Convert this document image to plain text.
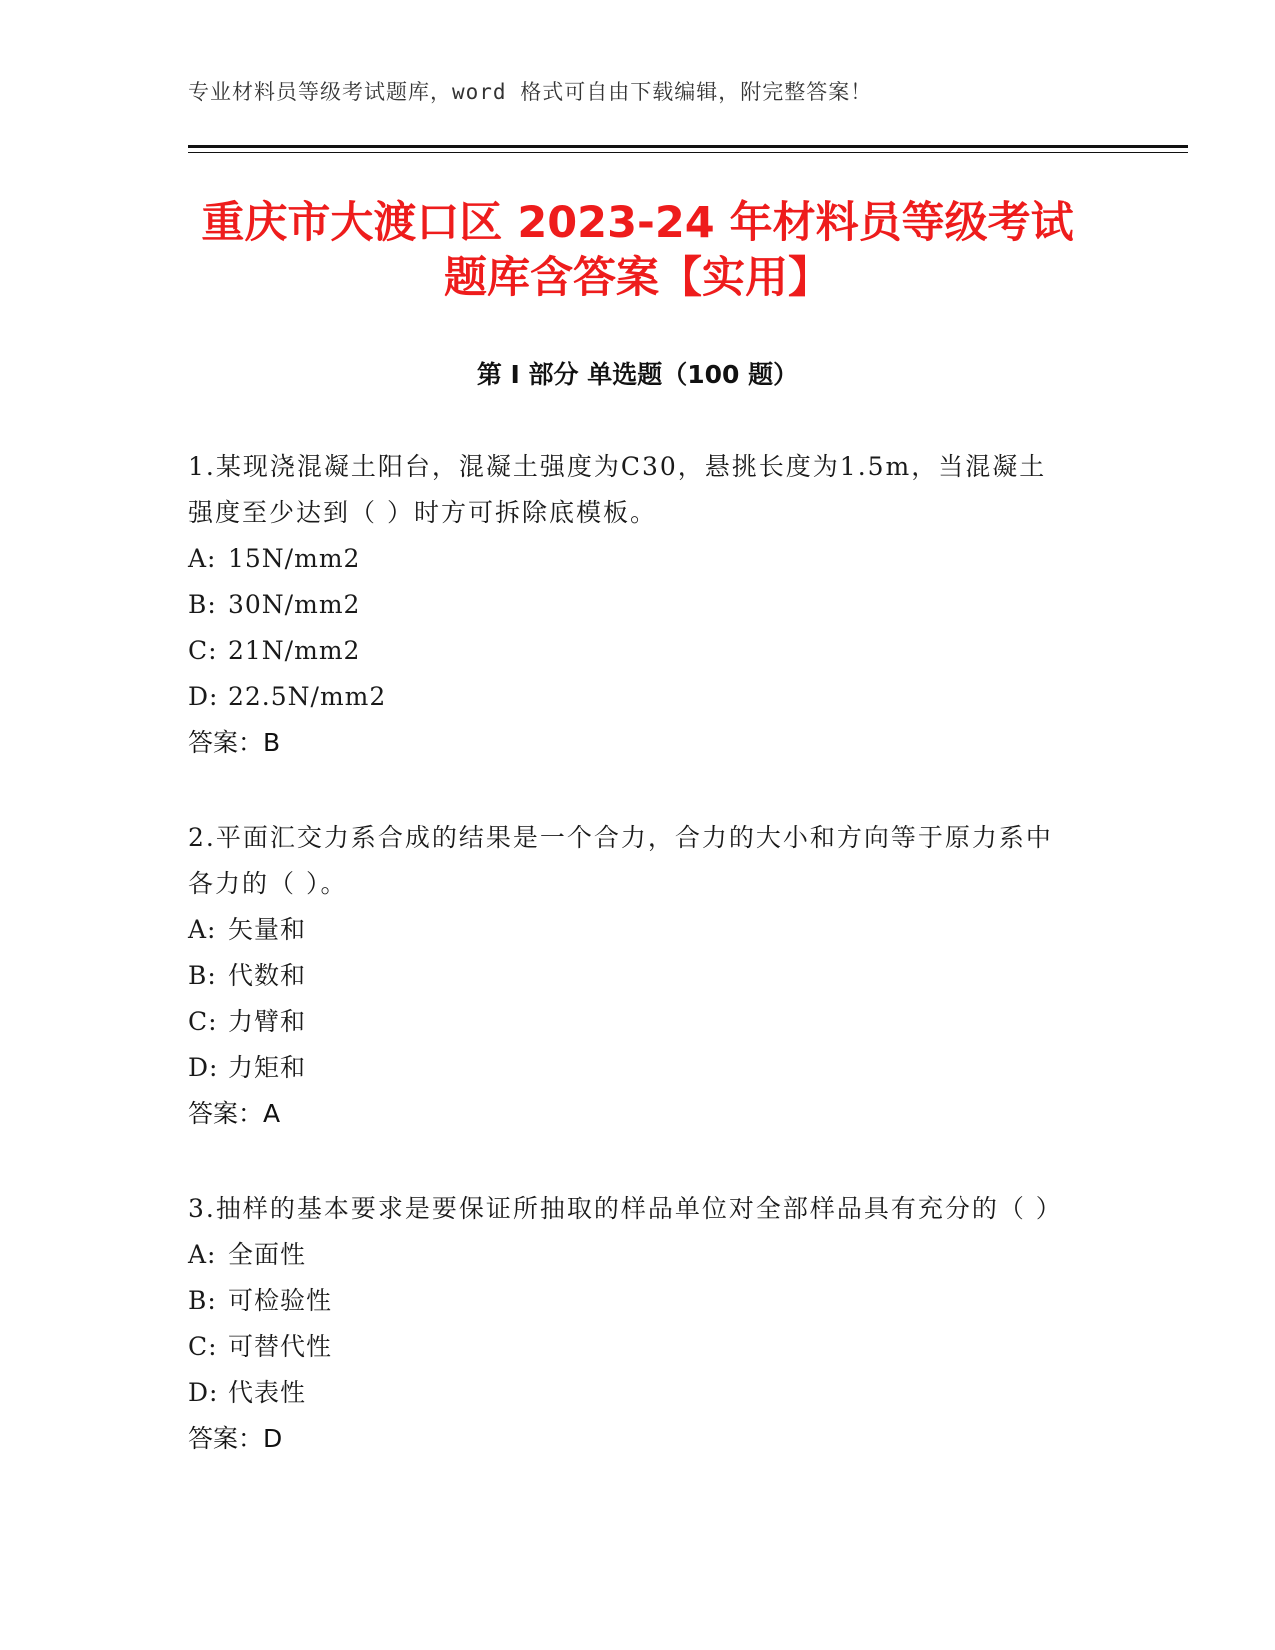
专业材料员等级考试题库，word 格式可自由下载编辑，附完整答案！
重庆市大渡口区 2023-24 年材料员等级考试
题库含答案【实用】
第 I 部分 单选题（100 题）

1.某现浇混凝土阳台，混凝土强度为C30，悬挑长度为1.5m，当混凝土强度至少达到（ ）时方可拆除底模板。

A: 15N/mm2

B: 30N/mm2

C: 21N/mm2

D: 22.5N/mm2

答案：B

2.平面汇交力系合成的结果是一个合力，合力的大小和方向等于原力系中各力的（ ）。

A: 矢量和

B: 代数和

C: 力臂和

D: 力矩和

答案：A

3.抽样的基本要求是要保证所抽取的样品单位对全部样品具有充分的（ ）

A: 全面性

B: 可检验性

C: 可替代性

D: 代表性

答案：D
